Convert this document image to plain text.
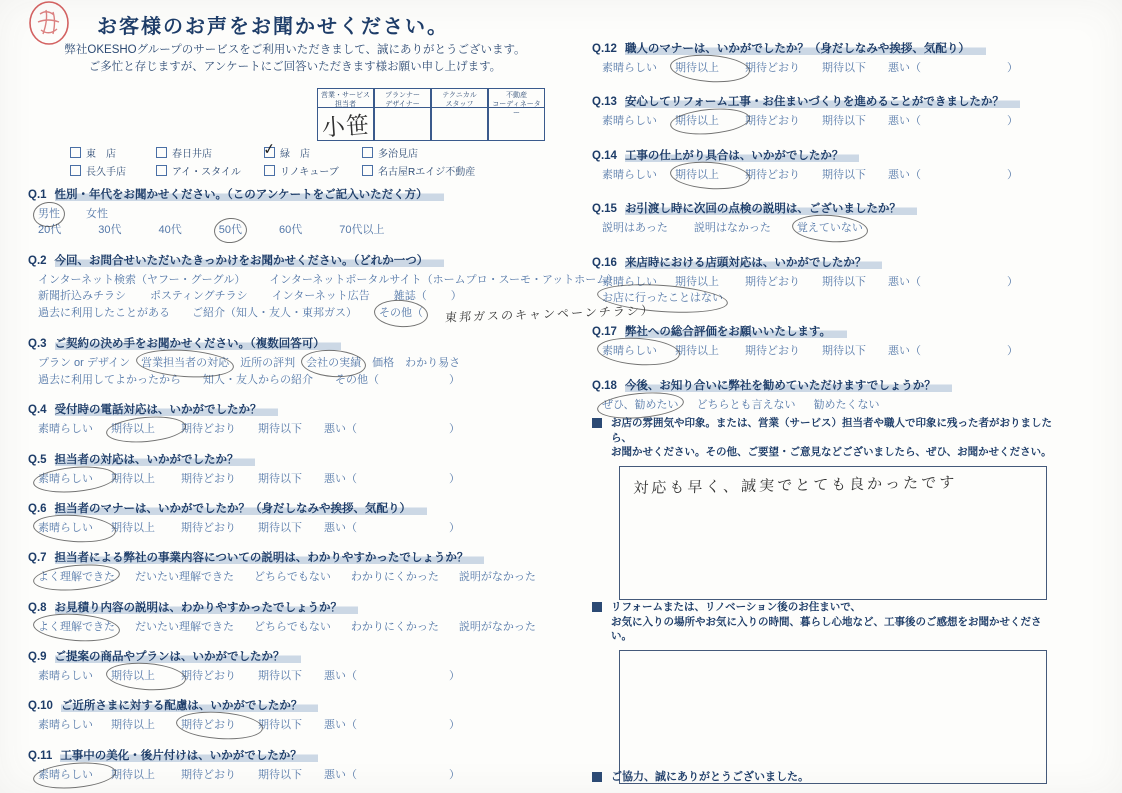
お客様のお声をお聞かせください。
弊社OKESHOグループのサービスをご利用いただきまして、誠にありがとうございます。
ご多忙と存じますが、アンケートにご回答いただきます様お願い申し上げます。
営業・サービス
担当者
プランナー
デザイナー
テクニカル
スタッフ
不動産
コーディネーター
小笹
東　店	春日井店	✓ 緑　店	多治見店
長久手店	アイ・スタイル	リノキューブ	名古屋Rエイジ不動産
Q.1 性別・年代をお聞かせください。（このアンケートをご記入いただく方）
男性 女性
20代	30代	40代	50代	60代	70代以上
Q.2 今回、お問合せいただいたきっかけをお聞かせください。（どれか一つ）
インターネット検索（ヤフー・グーグル） インターネットポータルサイト（ホームプロ・スーモ・アットホーム）
新聞折込みチラシ ポスティングチラシ インターネット広告 雑誌（ ）
過去に利用したことがある ご紹介（知人・友人・東邦ガス） その他（ 東邦ガスのキャンペーンチラシ）
Q.3 ご契約の決め手をお聞かせください。（複数回答可）
プラン or デザイン 営業担当者の対応 近所の評判 会社の実績 価格 わかり易さ
過去に利用してよかったから 知人・友人からの紹介 その他（	）
Q.4 受付時の電話対応は、いかがでしたか？
素晴らしい	期待以上	期待どおり	期待以下	悪い（	）
Q.5 担当者の対応は、いかがでしたか？
素晴らしい	期待以上	期待どおり	期待以下	悪い（	）
Q.6 担当者のマナーは、いかがでしたか？（身だしなみや挨拶、気配り）
素晴らしい	期待以上	期待どおり	期待以下	悪い（	）
Q.7 担当者による弊社の事業内容についての説明は、わかりやすかったでしょうか？
よく理解できた だいたい理解できた どちらでもない わかりにくかった 説明がなかった
Q.8 お見積り内容の説明は、わかりやすかったでしょうか？
よく理解できた だいたい理解できた どちらでもない わかりにくかった 説明がなかった
Q.9 ご提案の商品やプランは、いかがでしたか？
素晴らしい	期待以上	期待どおり	期待以下	悪い（	）
Q.10 ご近所さまに対する配慮は、いかがでしたか？
素晴らしい	期待以上	期待どおり	期待以下	悪い（	）
Q.11 工事中の美化・後片付けは、いかがでしたか？
素晴らしい	期待以上	期待どおり	期待以下	悪い（	）
Q.12 職人のマナーは、いかがでしたか？（身だしなみや挨拶、気配り）
素晴らしい	期待以上	期待どおり	期待以下	悪い（	）
Q.13 安心してリフォーム工事・お住まいづくりを進めることができましたか？
素晴らしい	期待以上	期待どおり	期待以下	悪い（	）
Q.14 工事の仕上がり具合は、いかがでしたか？
素晴らしい	期待以上	期待どおり	期待以下	悪い（	）
Q.15 お引渡し時に次回の点検の説明は、ございましたか？
説明はあった 説明はなかった 覚えていない
Q.16 来店時における店頭対応は、いかがでしたか？
素晴らしい	期待以上	期待どおり	期待以下	悪い（	）
お店に行ったことはない
Q.17 弊社への総合評価をお願いいたします。
素晴らしい	期待以上	期待どおり	期待以下	悪い（	）
Q.18 今後、お知り合いに弊社を勧めていただけますでしょうか？
ぜひ、勧めたい どちらとも言えない 勧めたくない
お店の雰囲気や印象。または、営業（サービス）担当者や職人で印象に残った者がおりましたら、
お聞かせください。その他、ご要望・ご意見などございましたら、ぜひ、お聞かせください。
対応も早く、誠実でとても良かったです
リフォームまたは、リノベーション後のお住まいで、
お気に入りの場所やお気に入りの時間、暮らし心地など、工事後のご感想をお聞かせください。
ご協力、誠にありがとうございました。
